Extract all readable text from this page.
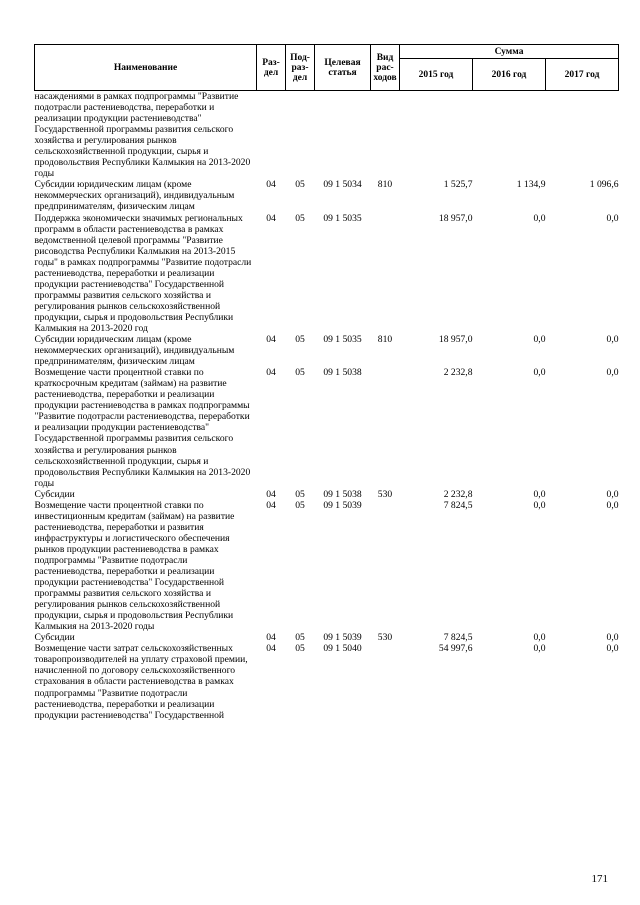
Наименование	Раз-дел	Под-раз-дел	Целевая статья	Вид рас-ходов	Сумма		
					2015 год	2016 год	2017 год
насаждениями в рамках подпрограммы "Развитие подотрасли растениеводства, переработки и реализации продукции растениеводства" Государственной программы развития сельского хозяйства и регулирования рынков сельскохозяйственной продукции, сырья и продовольствия Республики Калмыкия на 2013-2020 годы							
Субсидии юридическим лицам (кроме некоммерческих организаций), индивидуальным предпринимателям, физическим лицам	04	05	09 1 5034	810	1 525,7	1 134,9	1 096,6
Поддержка экономически значимых региональных программ в области растениеводства в рамках ведомственной целевой программы "Развитие рисоводства Республики Калмыкия на 2013-2015 годы" в рамках подпрограммы "Развитие подотрасли растениеводства, переработки и реализации продукции растениеводства" Государственной программы развития сельского хозяйства и регулирования рынков сельскохозяйственной продукции, сырья и продовольствия Республики Калмыкия на 2013-2020 год	04	05	09 1 5035		18 957,0	0,0	0,0
Субсидии юридическим лицам (кроме некоммерческих организаций), индивидуальным предпринимателям, физическим лицам	04	05	09 1 5035	810	18 957,0	0,0	0,0
Возмещение части процентной ставки по краткосрочным кредитам (займам) на развитие растениеводства, переработки и реализации продукции растениеводства в рамках подпрограммы "Развитие подотрасли растениеводства, переработки и реализации продукции растениеводства" Государственной программы развития сельского хозяйства и регулирования рынков сельскохозяйственной продукции, сырья и продовольствия Республики Калмыкия на 2013-2020 годы	04	05	09 1 5038		2 232,8	0,0	0,0
Субсидии	04	05	09 1 5038	530	2 232,8	0,0	0,0
Возмещение части процентной ставки по инвестиционным кредитам (займам) на развитие растениеводства, переработки и развития инфраструктуры и логистического обеспечения рынков продукции растениеводства в рамках подпрограммы "Развитие подотрасли растениеводства, переработки и реализации продукции растениеводства" Государственной программы развития сельского хозяйства и регулирования рынков сельскохозяйственной продукции, сырья и продовольствия Республики Калмыкия на 2013-2020 годы	04	05	09 1 5039		7 824,5	0,0	0,0
Субсидии	04	05	09 1 5039	530	7 824,5	0,0	0,0
Возмещение части затрат сельскохозяйственных товаропроизводителей на уплату страховой премии, начисленной по договору сельскохозяйственного страхования в области растениеводства в рамках подпрограммы "Развитие подотрасли растениеводства, переработки и реализации продукции растениеводства" Государственной	04	05	09 1 5040		54 997,6	0,0	0,0
171
